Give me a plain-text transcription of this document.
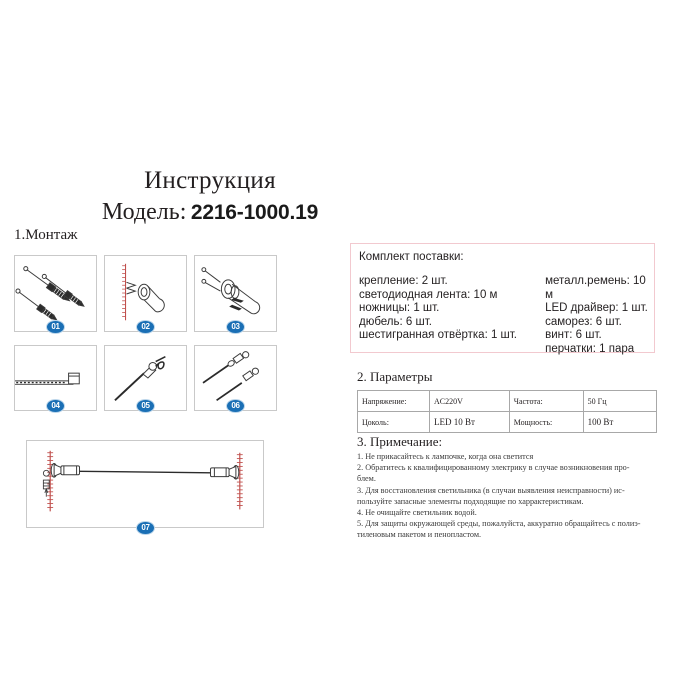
Инструкция
Модель: 2216-1000.19
1.Монтаж
01	02	03
04	05	06
07
Комплект поставки:
крепление: 2 шт.
светодиодная лента: 10 м
ножницы: 1 шт.
дюбель: 6 шт.
шестигранная отвёртка: 1 шт.
металл.ремень: 10 м
LED драйвер: 1 шт.
саморез: 6 шт.
винт: 6 шт.
перчатки: 1 пара
2. Параметры
Напряжение:	AC220V	Частота:	50 Гц
Цоколь:	LED 10 Вт	Мощность:	100 Вт
3. Примечание:
1. Не прикасайтесь к лампочке, когда она светится
2. Обратитесь к квалифицированному электрику в случае возникновения про-
блем.
3. Для восстановления светильника (в случаи выявления неисправности) ис-
пользуйте запасные элементы подходящие по харрактеристикам.
4. Не очищайте светильник водой.
5. Для защиты окружающей среды, пожалуйста, аккуратно обращайтесь с полиэ-
тиленовым пакетом и пенопластом.
